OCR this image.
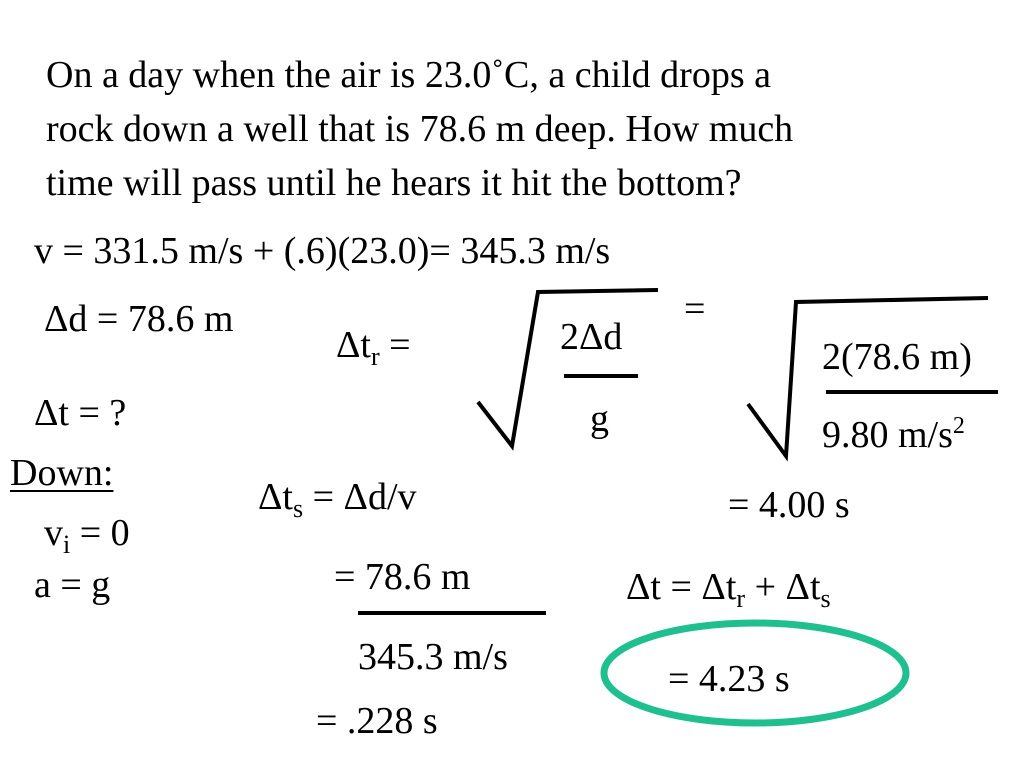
On a day when the air is 23.0˚C, a child drops a
rock down a well that is 78.6 m deep. How much
time will pass until he hears it hit the bottom?
v = 331.5 m/s + (.6)(23.0)= 345.3 m/s
Δd = 78.6 m
Δt = ?
Down:
$v_i = 0$
a = g
$\Delta t_r$ =	2Δd
g
=
2(78.6 m)
9.80 $m/s^2$
= 4.00 s
$\Delta t_s = \Delta d/v$
= 78.6 m
345.3 m/s
= .228 s
$\Delta t = \Delta t_r + \Delta t_s$
= 4.23 s
